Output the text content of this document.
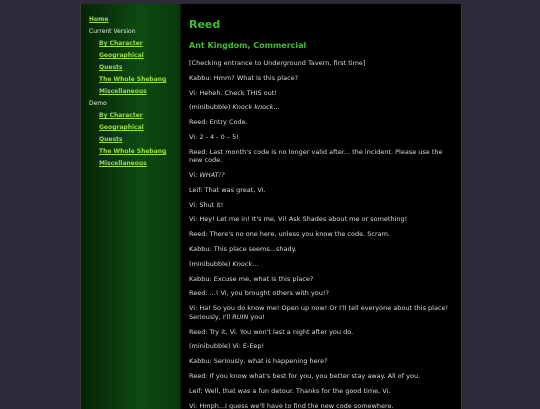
Home
Current Version
By Character
Geographical
Quests
The Whole Shebang
Miscellaneous
Demo
By Character
Geographical
Quests
The Whole Shebang
Miscellaneous
Reed
Ant Kingdom, Commercial
[Checking entrance to Underground Tavern, first time]
Kabbu: Hmm? What is this place?
Vi: Heheh. Check THIS out!
(minibubble) Knock knock...
Reed: Entry Code.
Vi: 2 - 4 - 0 – 5!
Reed: Last month's code is no longer valid after... the incident. Please use the new code.
Vi: WHAT!?
Leif: That was great, Vi.
Vi: Shut it!
Vi: Hey! Let me in! It's me, Vi! Ask Shades about me or something!
Reed: There's no one here, unless you know the code. Scram.
Kabbu: This place seems...shady.
(minibubble) Knock...
Kabbu: Excuse me, what is this place?
Reed: ...! Vi, you brought others with you!?
Vi: Ha! So you do know me! Open up now! Or I'll tell everyone about this place! Seriously, I'll RUIN you!
Reed: Try it, Vi. You won't last a night after you do.
(minibubble) Vi: E-Eep!
Kabbu: Seriously, what is happening here?
Reed: If you know what's best for you, you better stay away. All of you.
Leif: Well, that was a fun detour. Thanks for the good time, Vi.
Vi: Hmph...I guess we'll have to find the new code somewhere.
